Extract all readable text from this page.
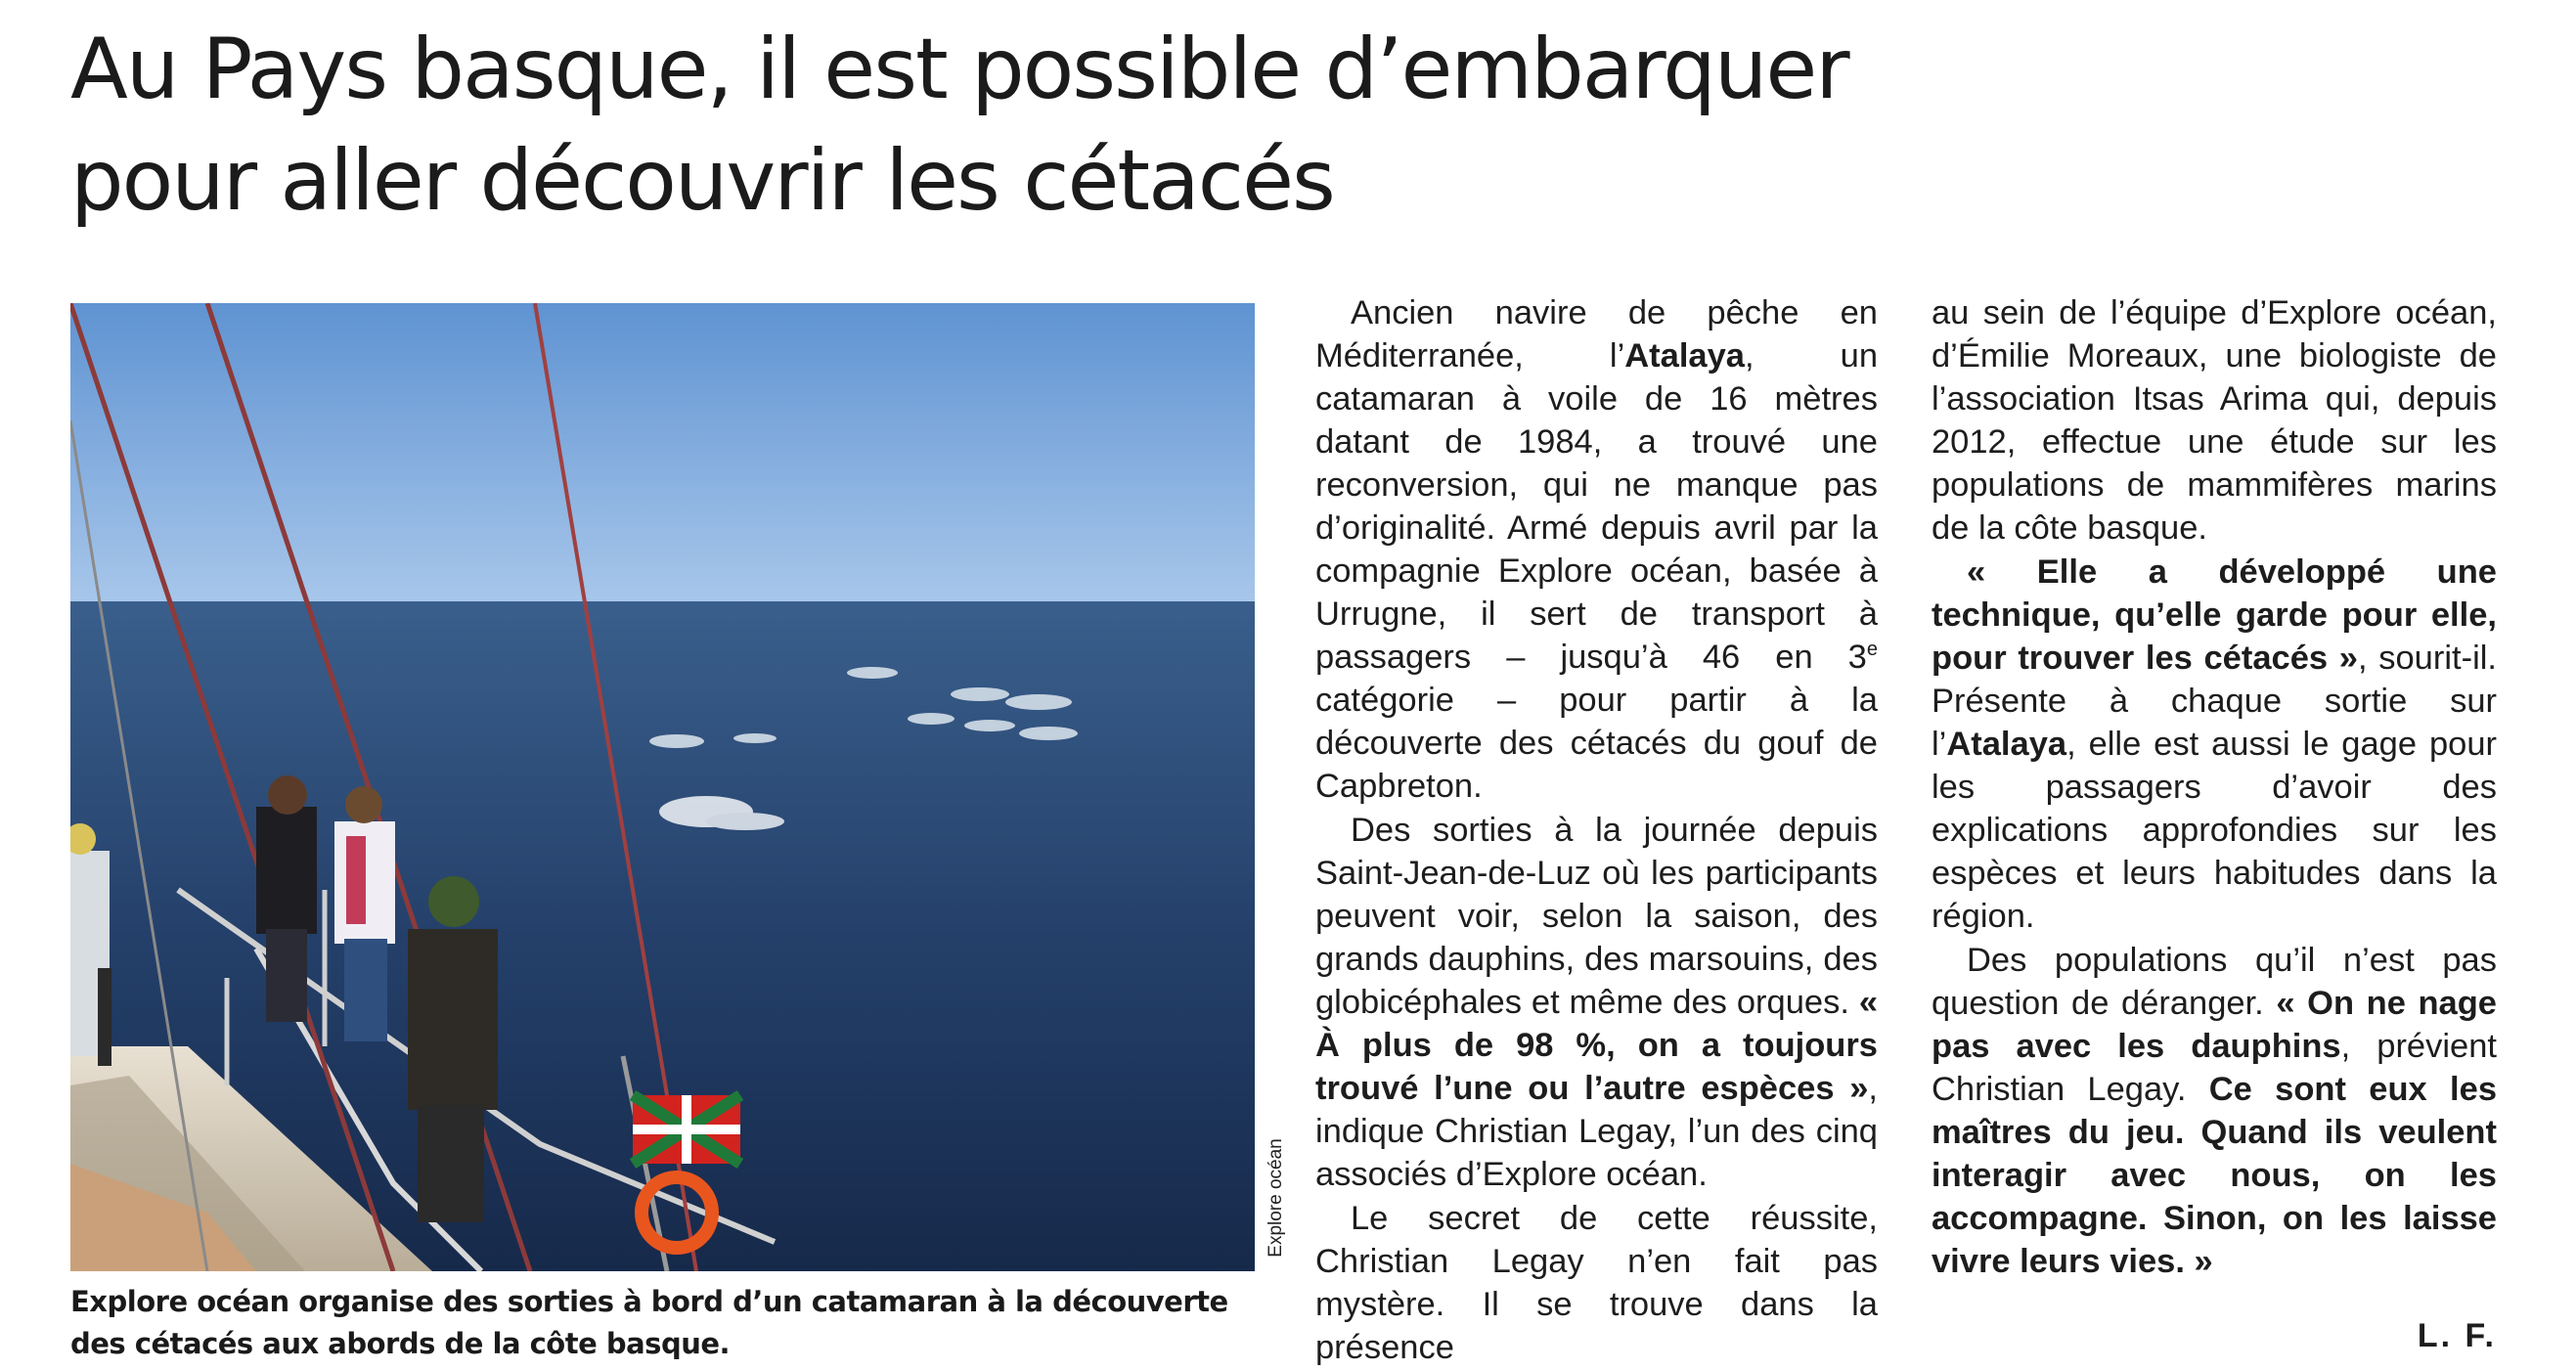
Au Pays basque, il est possible d’embarquer
pour aller découvrir les cétacés
Explore océan

Explore océan organise des sorties à bord d’un catamaran à la découverte des cétacés aux abords de la côte basque.

Ancien navire de pêche en Méditerranée, l’Atalaya, un catamaran à voile de 16 mètres datant de 1984, a trouvé une reconversion, qui ne manque pas d’originalité. Armé depuis avril par la compagnie Explore océan, basée à Urrugne, il sert de transport à passagers – jusqu’à 46 en 3e catégorie – pour partir à la découverte des cétacés du gouf de Capbreton.

Des sorties à la journée depuis Saint-Jean-de-Luz où les participants peuvent voir, selon la saison, des grands dauphins, des marsouins, des globicéphales et même des orques. « À plus de 98 %, on a toujours trouvé l’une ou l’autre espèces », indique Christian Legay, l’un des cinq associés d’Explore océan.

Le secret de cette réussite, Christian Legay n’en fait pas mystère. Il se trouve dans la présence

au sein de l’équipe d’Explore océan, d’Émilie Moreaux, une biologiste de l’association Itsas Arima qui, depuis 2012, effectue une étude sur les populations de mammifères marins de la côte basque.

« Elle a développé une technique, qu’elle garde pour elle, pour trouver les cétacés », sourit-il. Présente à chaque sortie sur l’Atalaya, elle est aussi le gage pour les passagers d’avoir des explications approfondies sur les espèces et leurs habitudes dans la région.

Des populations qu’il n’est pas question de déranger. « On ne nage pas avec les dauphins, prévient Christian Legay. Ce sont eux les maîtres du jeu. Quand ils veulent interagir avec nous, on les accompagne. Sinon, on les laisse vivre leurs vies. »

L. F.
